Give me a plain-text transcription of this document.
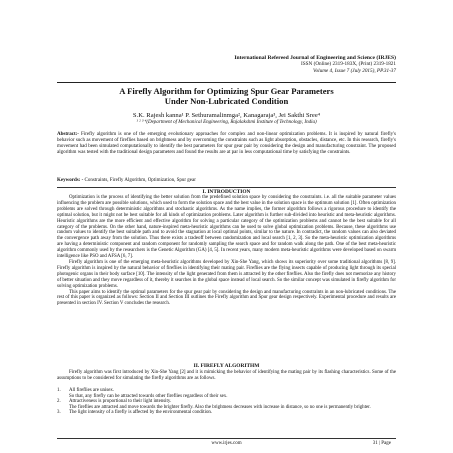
International Refereed Journal of Engineering and Science (IRJES)
ISSN (Online) 2319-183X, (Print) 2319-1821
Volume 4, Issue 7 (July 2015), PP.31-37
A Firefly Algorithm for Optimizing Spur Gear Parameters
Under Non-Lubricated Condition
S.K. Rajesh kanna¹ P. Sethuramalinmga², Kanagaraja³, Jei Sakthi Sree⁴
¹ ² ³ ⁴(Department of Mechanical Engineering, Rajalakshmi Institute of Technology, India)
Abstract:- Firefly algorithm is one of the emerging evolutionary approaches for complex and non-linear optimization problems. It is inspired by natural firefly's behavior such as movement of fireflies based on brightness and by overcoming the constraints such as light absorption, obstacles, distance, etc. In this research, firefly's movement had been simulated computationally to identify the best parameters for spur gear pair by considering the design and manufacturing constraint. The proposed algorithm was tested with the traditional design parameters and found the results are at par in less computational time by satisfying the constraints.
Keywords: - Constraints, Firefly Algorithm, Optimization, Spur gear
I. INTRODUCTION

Optimization is the process of identifying the better solution from the predefined solution space by considering the constraints. i.e. all the suitable parameter values influencing the problem are possible solutions, which used to form the solution space and the best value in the solution space is the optimum solution [1]. Often optimization problems are solved through deterministic algorithms and stochastic algorithms. As the name implies, the former algorithm follows a rigorous procedure to identify the optimal solution, but it might not be best suitable for all kinds of optimization problems. Later algorithm is further sub-divided into heuristic and meta-heuristic algorithms. Heuristic algorithms are the more efficient and effective algorithm for solving a particular category of the optimization problems and cannot be the best suitable for all category of the problems. On the other hand, nature-inspired meta-heuristic algorithms can be used to solve global optimization problems. Because, these algorithms use random values to identify the best suitable path and to avoid the stagnation at local optimal points, similar to the nature. In contradict, the random values can also deviated the convergence path away from the solution. Thus there exists a tradeoff between randomization and local search [1, 2, 3]. So the meta-heuristic optimization algorithms are having a deterministic component and random component for randomly sampling the search space and for random walk along the path. One of the best meta-heuristic algorithm commonly used by the researchers is the Genetic Algorithm (GA) [4, 5]. In recent years, many modern meta-heuristic algorithms were developed based on swarm intelligence like PSO and AFSA [6, 7].

Firefly algorithm is one of the emerging meta-heuristic algorithms developed by Xin-She Yang, which shows its superiority over some traditional algorithms [8, 9]. Firefly algorithm is inspired by the natural behavior of fireflies in identifying their mating pair. Fireflies are the flying insects capable of producing light through its special photogenic organs in their body surface [10]. The intensity of the light generated from them is attracted by the other fireflies. Also the firefly does not memorize any history of better situation and they move regardless of it, thereby it searches in the global space instead of local search. So the similar concept was simulated in firefly algorithm for solving optimization problems.

This paper aims to identify the optimal parameters for the spur gear pair by considering the design and manufacturing constraints in an non-lubricated conditions. The rest of this paper is organized as follows: Section II and Section III outlines the Firefly algorithm and Spur gear design respectively. Experimental procedure and results are presented in section IV. Section V concludes the research.

II. FIREFLY ALGORITHM

Firefly algorithm was first introduced by Xin-She Yang [2] and it is mimicking the behavior of identifying the mating pair by its flashing characteristics. Some of the assumptions to be considered for simulating the firefly algorithms are as follows.

1.	All fireflies are unisex.
So that, any firefly can be attracted towards other fireflies regardless of their sex.
2.	Attractiveness is proportional to their light intensity.
The fireflies are attracted and move towards the brighter firefly. Also the brightness decreases with increase in distance, so no one is permanently brighter.
3.	The light intensity of a firefly is affected by the environmental condition.
www.irjes.com	31 | Page
